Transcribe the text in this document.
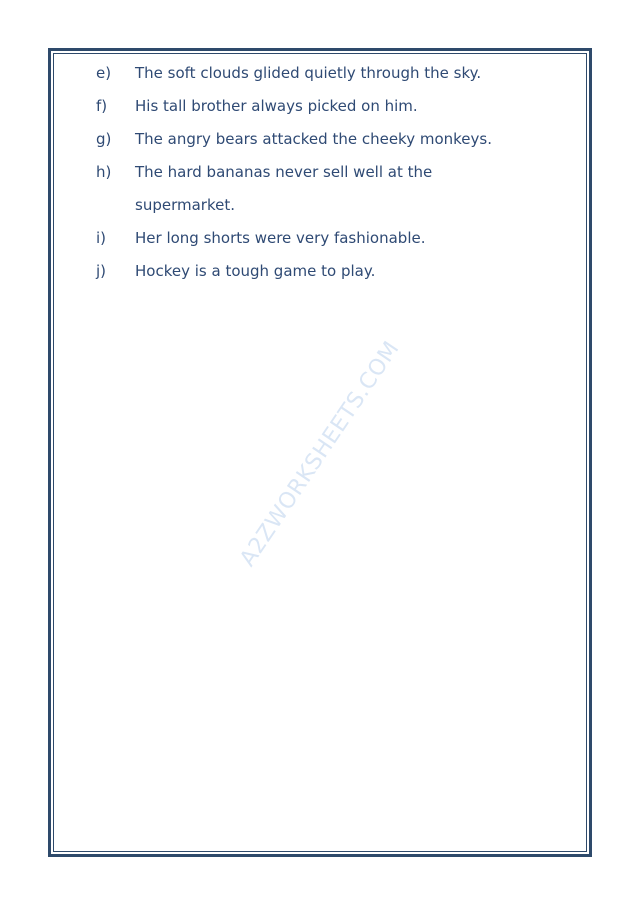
A2ZWORKSHEETS.COM
e)	The soft clouds glided quietly through the sky.
f)	His tall brother always picked on him.
g)	The angry bears attacked the cheeky monkeys.
h)	The hard bananas never sell well at the supermarket.
i)	Her long shorts were very fashionable.
j)	Hockey is a tough game to play.
